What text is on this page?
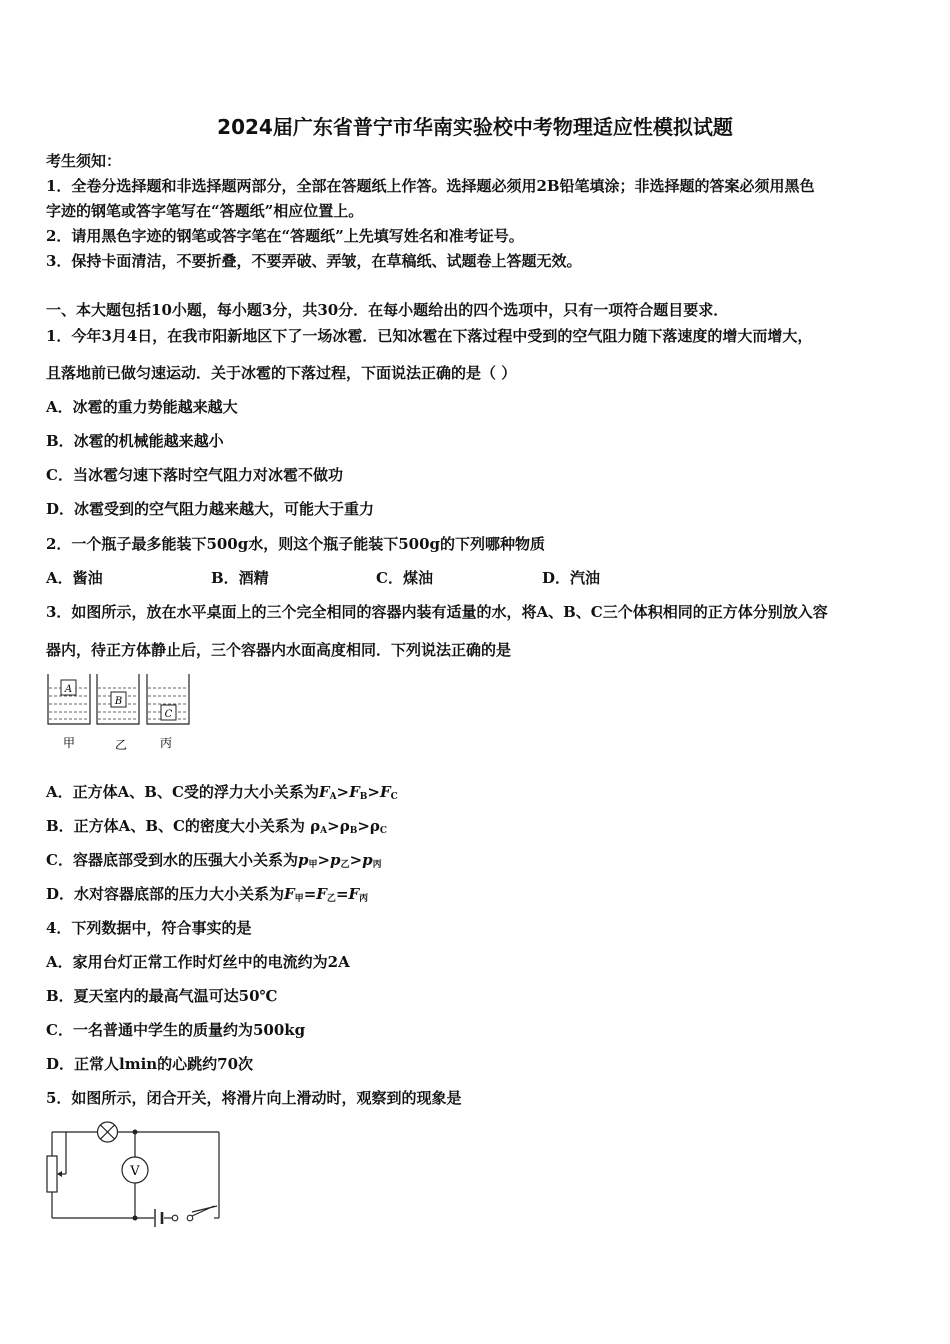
2024届广东省普宁市华南实验校中考物理适应性模拟试题
考生须知：
1．全卷分选择题和非选择题两部分，全部在答题纸上作答。选择题必须用2B铅笔填涂；非选择题的答案必须用黑色
字迹的钢笔或答字笔写在“答题纸”相应位置上。
2．请用黑色字迹的钢笔或答字笔在“答题纸”上先填写姓名和准考证号。
3．保持卡面清洁，不要折叠，不要弄破、弄皱，在草稿纸、试题卷上答题无效。
一、本大题包括10小题，每小题3分，共30分．在每小题给出的四个选项中，只有一项符合题目要求．
1．今年3月4日，在我市阳新地区下了一场冰雹．已知冰雹在下落过程中受到的空气阻力随下落速度的增大而增大，
且落地前已做匀速运动．关于冰雹的下落过程，下面说法正确的是（ ）
A．冰雹的重力势能越来越大
B．冰雹的机械能越来越小
C．当冰雹匀速下落时空气阻力对冰雹不做功
D．冰雹受到的空气阻力越来越大，可能大于重力
2．一个瓶子最多能装下500g水，则这个瓶子能装下500g的下列哪种物质
A．酱油	B．酒精	C．煤油	D．汽油
3．如图所示，放在水平桌面上的三个完全相同的容器内装有适量的水，将A、B、C三个体积相同的正方体分别放入容
器内，待正方体静止后，三个容器内水面高度相同．下列说法正确的是
A
B
C
甲	乙	丙
A．正方体A、B、C受的浮力大小关系为$F_A>F_B>F_C$
B．正方体A、B、C的密度大小关系为 $\rho_A>\rho_B>\rho_C$
C．容器底部受到水的压强大小关系为$p_甲>p_乙>p_丙$
D．水对容器底部的压力大小关系为$F_甲=F_乙=F_丙$
4．下列数据中，符合事实的是
A．家用台灯正常工作时灯丝中的电流约为2A
B．夏天室内的最高气温可达50℃
C．一名普通中学生的质量约为500kg
D．正常人lmin的心跳约70次
5．如图所示，闭合开关，将滑片向上滑动时，观察到的现象是
V
